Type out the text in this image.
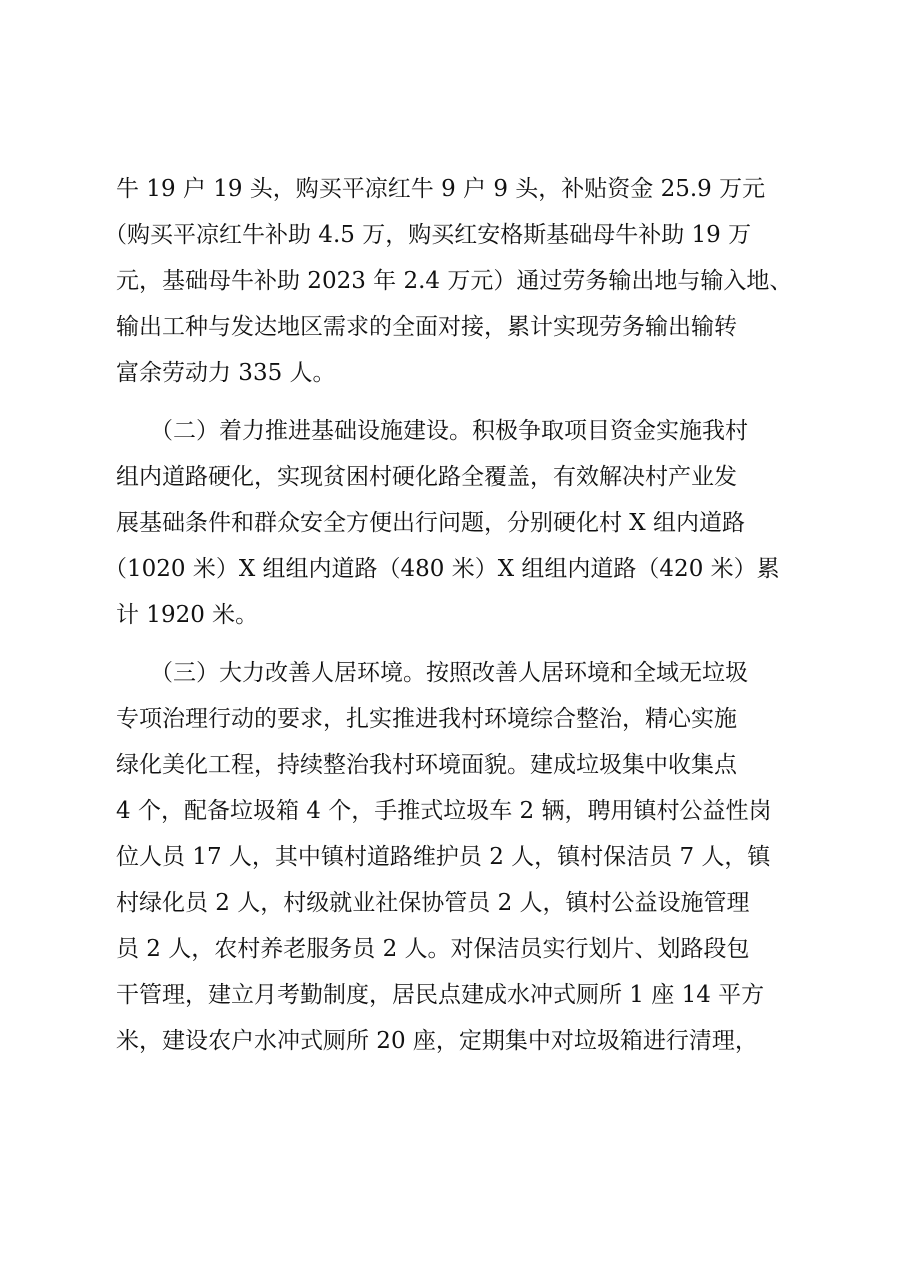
牛 19 户 19 头，购买平凉红牛 9 户 9 头，补贴资金 25.9 万元
（购买平凉红牛补助 4.5 万，购买红安格斯基础母牛补助 19 万
元，基础母牛补助 2023 年 2.4 万元）通过劳务输出地与输入地、
输出工种与发达地区需求的全面对接，累计实现劳务输出输转
富余劳动力 335 人。
（二）着力推进基础设施建设。积极争取项目资金实施我村
组内道路硬化，实现贫困村硬化路全覆盖，有效解决村产业发
展基础条件和群众安全方便出行问题，分别硬化村 X 组内道路
（1020 米）X 组组内道路（480 米）X 组组内道路（420 米）累
计 1920 米。
（三）大力改善人居环境。按照改善人居环境和全域无垃圾
专项治理行动的要求，扎实推进我村环境综合整治，精心实施
绿化美化工程，持续整治我村环境面貌。建成垃圾集中收集点
4 个，配备垃圾箱 4 个，手推式垃圾车 2 辆，聘用镇村公益性岗
位人员 17 人，其中镇村道路维护员 2 人，镇村保洁员 7 人，镇
村绿化员 2 人，村级就业社保协管员 2 人，镇村公益设施管理
员 2 人，农村养老服务员 2 人。对保洁员实行划片、划路段包
干管理，建立月考勤制度，居民点建成水冲式厕所 1 座 14 平方
米，建设农户水冲式厕所 20 座，定期集中对垃圾箱进行清理，
